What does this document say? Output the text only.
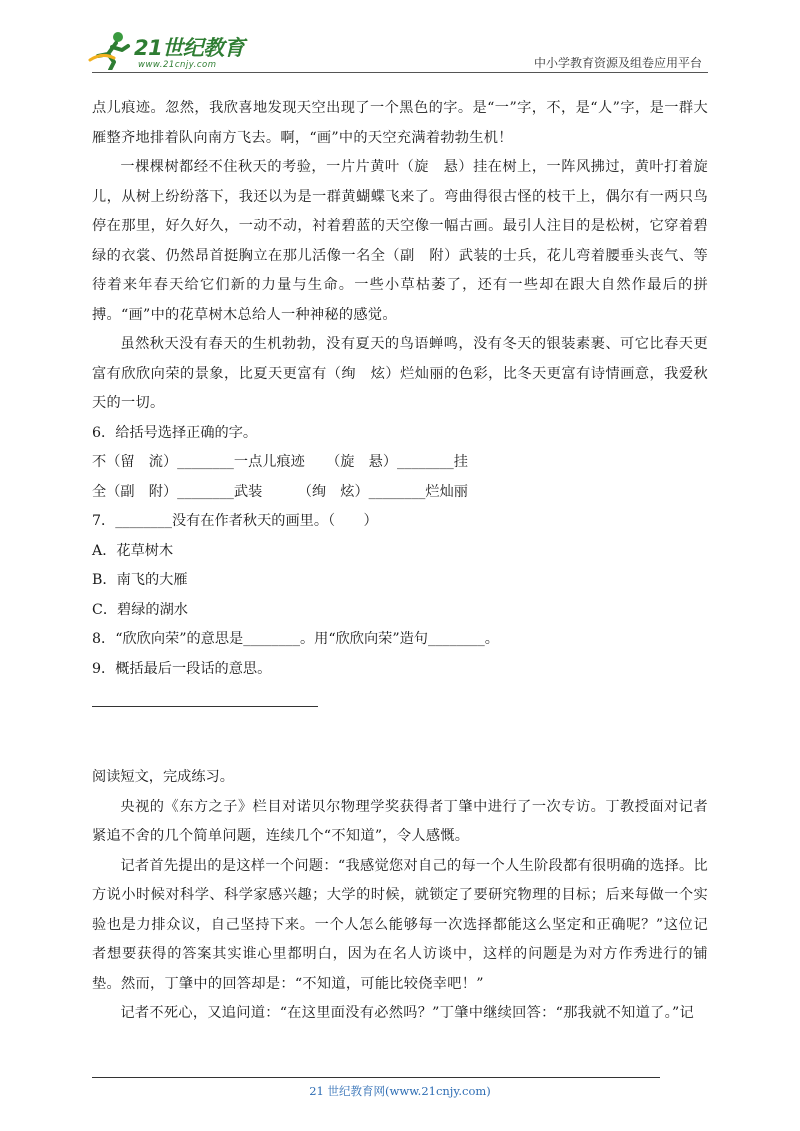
21世纪教育
www.21cnjy.com	中小学教育资源及组卷应用平台

点儿痕迹。忽然，我欣喜地发现天空出现了一个黑色的字。是“一”字，不，是“人”字，是一群大雁整齐地排着队向南方飞去。啊，“画”中的天空充满着勃勃生机！

一棵棵树都经不住秋天的考验，一片片黄叶（旋　悬）挂在树上，一阵风拂过，黄叶打着旋儿，从树上纷纷落下，我还以为是一群黄蝴蝶飞来了。弯曲得很古怪的枝干上，偶尔有一两只鸟停在那里，好久好久，一动不动，衬着碧蓝的天空像一幅古画。最引人注目的是松树，它穿着碧绿的衣裳、仍然昂首挺胸立在那儿活像一名全（副　附）武装的士兵，花儿弯着腰垂头丧气、等待着来年春天给它们新的力量与生命。一些小草枯萎了，还有一些却在跟大自然作最后的拼搏。“画”中的花草树木总给人一种神秘的感觉。

虽然秋天没有春天的生机勃勃，没有夏天的鸟语蝉鸣，没有冬天的银装素裹、可它比春天更富有欣欣向荣的景象，比夏天更富有（绚　炫）烂灿丽的色彩，比冬天更富有诗情画意，我爱秋天的一切。

6．给括号选择正确的字。

不（留　流）________一点儿痕迹　　（旋　悬）________挂

全（副　附）________武装　　　（绚　炫）________烂灿丽

7．________没有在作者秋天的画里。（　　）

A．花草树木

B．南飞的大雁

C．碧绿的湖水

8．“欣欣向荣”的意思是________。用“欣欣向荣”造句________。

9．概括最后一段话的意思。

阅读短文，完成练习。

央视的《东方之子》栏目对诺贝尔物理学奖获得者丁肇中进行了一次专访。丁教授面对记者紧追不舍的几个简单问题，连续几个“不知道”，令人感慨。

记者首先提出的是这样一个问题：“我感觉您对自己的每一个人生阶段都有很明确的选择。比方说小时候对科学、科学家感兴趣；大学的时候，就锁定了要研究物理的目标；后来每做一个实验也是力排众议，自己坚持下来。一个人怎么能够每一次选择都能这么坚定和正确呢？”这位记者想要获得的答案其实谁心里都明白，因为在名人访谈中，这样的问题是为对方作秀进行的铺垫。然而，丁肇中的回答却是：“不知道，可能比较侥幸吧！”

记者不死心，又追问道：“在这里面没有必然吗？”丁肇中继续回答：“那我就不知道了。”记

21 世纪教育网(www.21cnjy.com)
